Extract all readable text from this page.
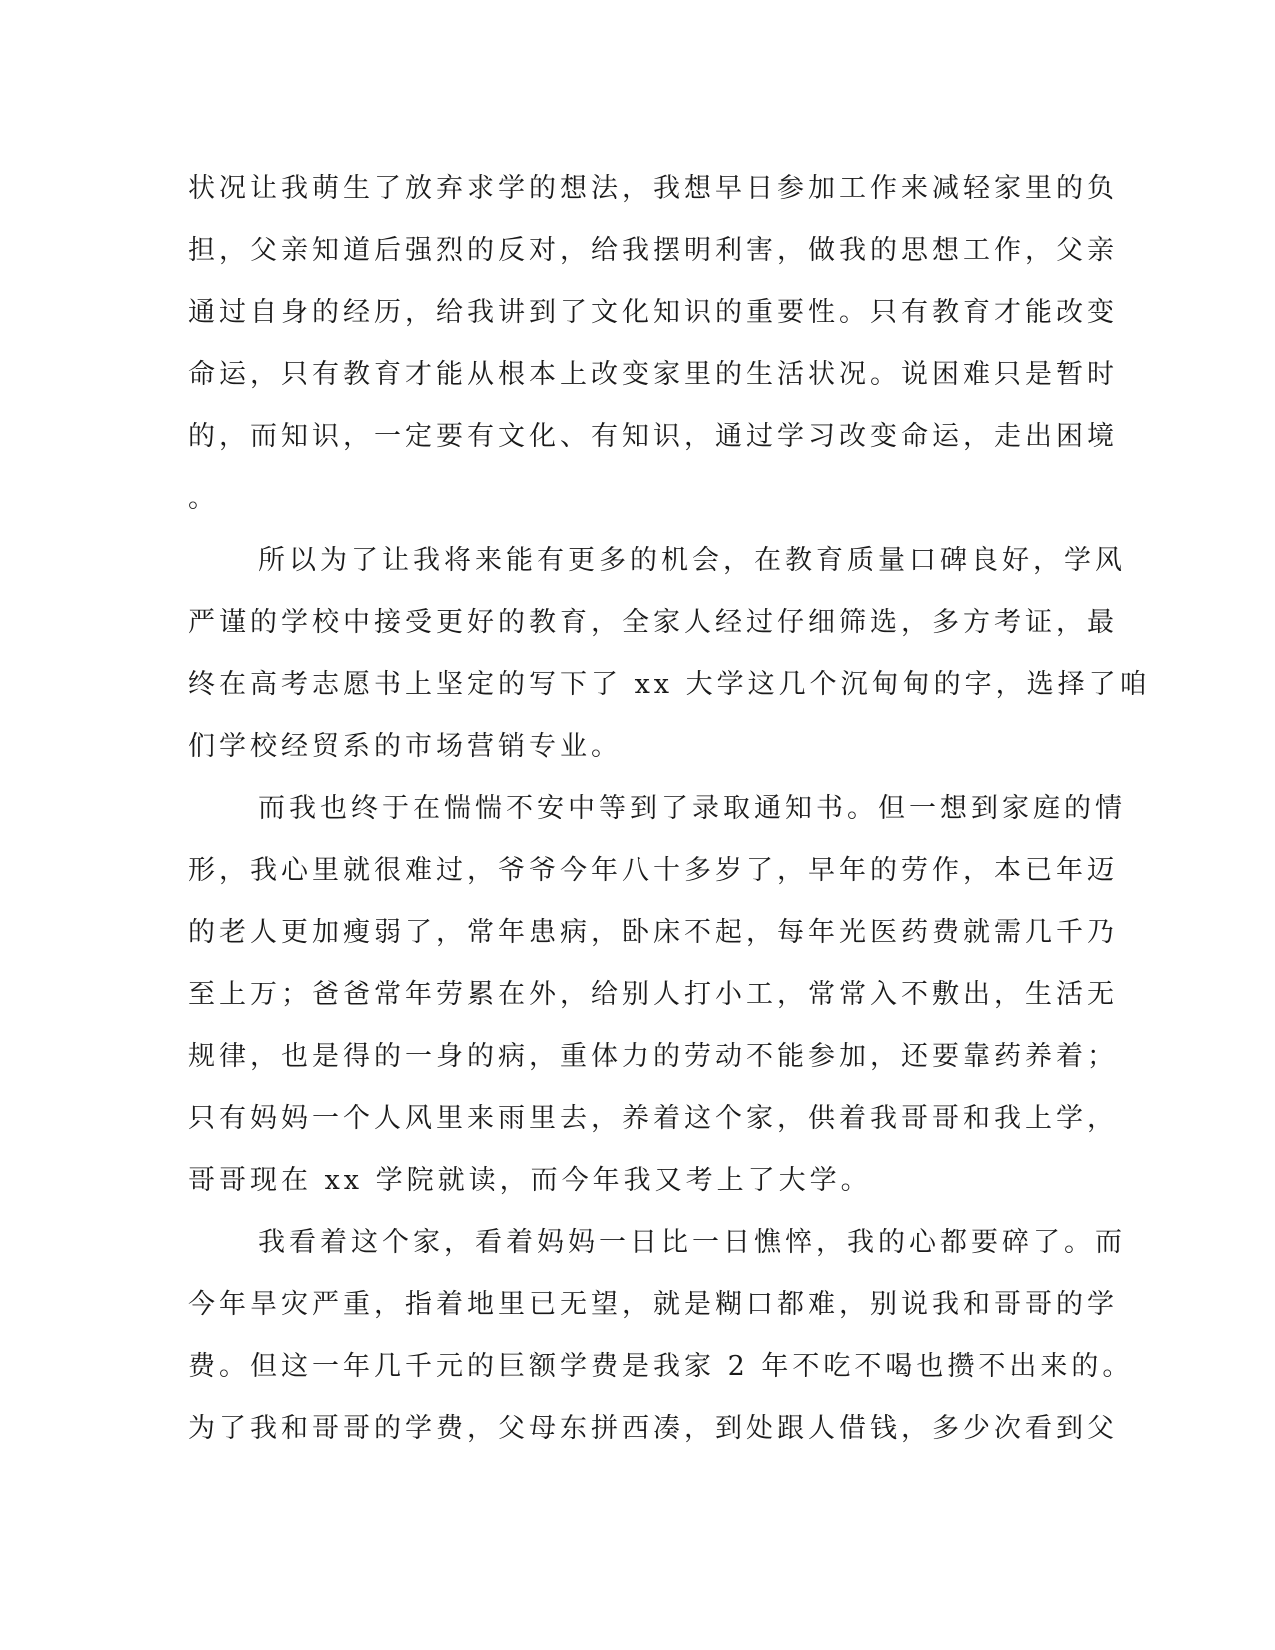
状况让我萌生了放弃求学的想法，我想早日参加工作来减轻家里的负
担，父亲知道后强烈的反对，给我摆明利害，做我的思想工作，父亲
通过自身的经历，给我讲到了文化知识的重要性。只有教育才能改变
命运，只有教育才能从根本上改变家里的生活状况。说困难只是暂时
的，而知识，一定要有文化、有知识，通过学习改变命运，走出困境
。
所以为了让我将来能有更多的机会，在教育质量口碑良好，学风
严谨的学校中接受更好的教育，全家人经过仔细筛选，多方考证，最
终在高考志愿书上坚定的写下了 xx 大学这几个沉甸甸的字，选择了咱
们学校经贸系的市场营销专业。
而我也终于在惴惴不安中等到了录取通知书。但一想到家庭的情
形，我心里就很难过，爷爷今年八十多岁了，早年的劳作，本已年迈
的老人更加瘦弱了，常年患病，卧床不起，每年光医药费就需几千乃
至上万；爸爸常年劳累在外，给别人打小工，常常入不敷出，生活无
规律，也是得的一身的病，重体力的劳动不能参加，还要靠药养着；
只有妈妈一个人风里来雨里去，养着这个家，供着我哥哥和我上学，
哥哥现在 xx 学院就读，而今年我又考上了大学。
我看着这个家，看着妈妈一日比一日憔悴，我的心都要碎了。而
今年旱灾严重，指着地里已无望，就是糊口都难，别说我和哥哥的学
费。但这一年几千元的巨额学费是我家 2 年不吃不喝也攒不出来的。
为了我和哥哥的学费，父母东拼西凑，到处跟人借钱，多少次看到父
